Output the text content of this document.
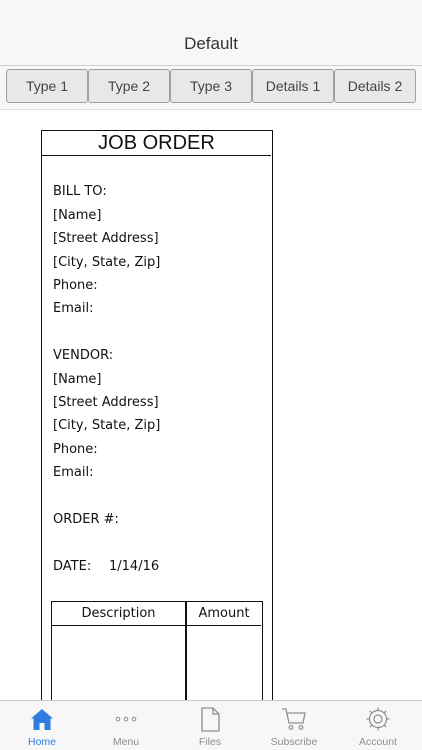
Default
Type 1	Type 2	Type 3	Details 1	Details 2
JOB ORDER
BILL TO:
[Name]
[Street Address]
[City, State, Zip]
Phone:
Email:
VENDOR:
[Name]
[Street Address]
[City, State, Zip]
Phone:
Email:
ORDER #:
DATE: 1/14/16
Description	Amount
Home	Menu	Files	Subscribe	Account
